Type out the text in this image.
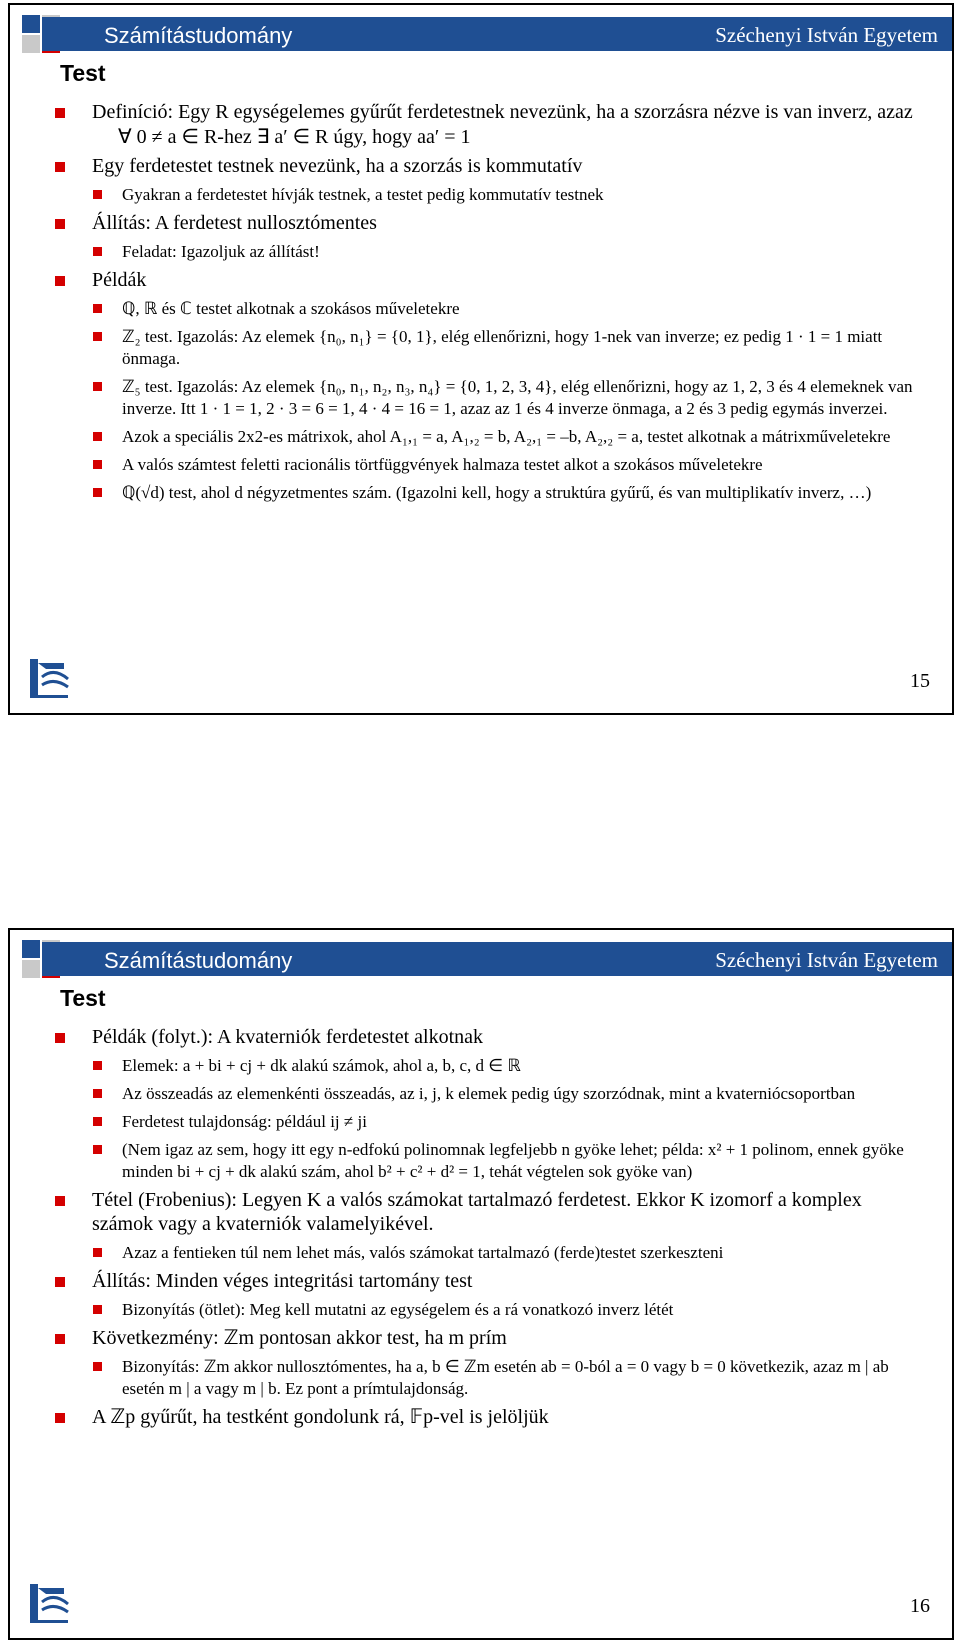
Számítástudomány	Széchenyi István Egyetem
Test
Definíció: Egy R egységelemes gyűrűt ferdetestnek nevezünk, ha a szorzásra nézve is van inverz, azaz
∀ 0 ≠ a ∈ R-hez ∃ a′ ∈ R úgy, hogy aa′ = 1
Egy ferdetestet testnek nevezünk, ha a szorzás is kommutatív
Gyakran a ferdetestet hívják testnek, a testet pedig kommutatív testnek
Állítás: A ferdetest nullosztómentes
Feladat: Igazoljuk az állítást!
Példák
ℚ, ℝ és ℂ testet alkotnak a szokásos műveletekre
ℤ₂ test. Igazolás: Az elemek {n₀, n₁} = {0, 1}, elég ellenőrizni, hogy 1-nek van inverze; ez pedig 1 · 1 = 1 miatt önmaga.
ℤ₅ test. Igazolás: Az elemek {n₀, n₁, n₂, n₃, n₄} = {0, 1, 2, 3, 4}, elég ellenőrizni, hogy az 1, 2, 3 és 4 elemeknek van inverze. Itt 1 · 1 = 1, 2 · 3 = 6 = 1, 4 · 4 = 16 = 1, azaz az 1 és 4 inverze önmaga, a 2 és 3 pedig egymás inverzei.
Azok a speciális 2x2-es mátrixok, ahol A₁,₁ = a, A₁,₂ = b, A₂,₁ = –b, A₂,₂ = a, testet alkotnak a mátrixműveletekre
A valós számtest feletti racionális törtfüggvények halmaza testet alkot a szokásos műveletekre
ℚ(√d) test, ahol d négyzetmentes szám. (Igazolni kell, hogy a struktúra gyűrű, és van multiplikatív inverz, …)
15
Számítástudomány	Széchenyi István Egyetem
Test
Példák (folyt.): A kvaterniók ferdetestet alkotnak
Elemek: a + bi + cj + dk alakú számok, ahol a, b, c, d ∈ ℝ
Az összeadás az elemenkénti összeadás, az i, j, k elemek pedig úgy szorzódnak, mint a kvaterniócsoportban
Ferdetest tulajdonság: például ij ≠ ji
(Nem igaz az sem, hogy itt egy n-edfokú polinomnak legfeljebb n gyöke lehet; példa: x² + 1 polinom, ennek gyöke minden bi + cj + dk alakú szám, ahol b² + c² + d² = 1, tehát végtelen sok gyöke van)
Tétel (Frobenius): Legyen K a valós számokat tartalmazó ferdetest. Ekkor K izomorf a komplex számok vagy a kvaterniók valamelyikével.
Azaz a fentieken túl nem lehet más, valós számokat tartalmazó (ferde)testet szerkeszteni
Állítás: Minden véges integritási tartomány test
Bizonyítás (ötlet): Meg kell mutatni az egységelem és a rá vonatkozó inverz létét
Következmény: ℤm pontosan akkor test, ha m prím
Bizonyítás: ℤm akkor nullosztómentes, ha a, b ∈ ℤm esetén ab = 0-ból a = 0 vagy b = 0 következik, azaz m | ab esetén m | a vagy m | b. Ez pont a prímtulajdonság.
A ℤp gyűrűt, ha testként gondolunk rá, 𝔽p-vel is jelöljük
16
